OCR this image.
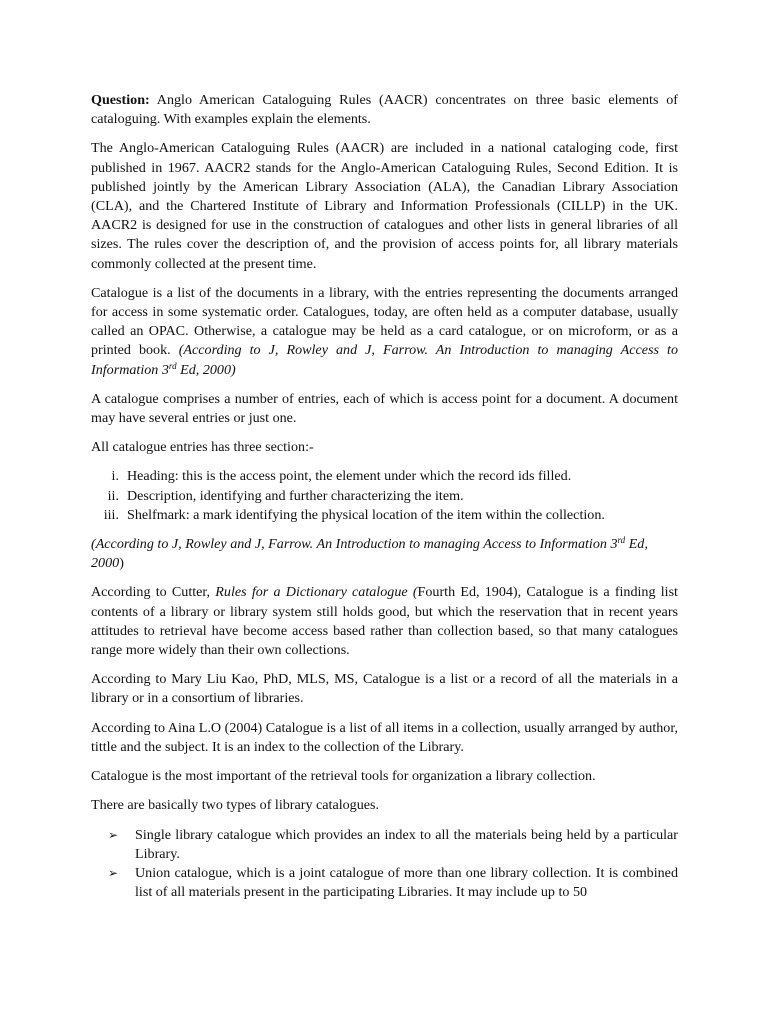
Question: Anglo American Cataloguing Rules (AACR) concentrates on three basic elements of cataloguing. With examples explain the elements.

The Anglo-American Cataloguing Rules (AACR) are included in a national cataloging code, first published in 1967. AACR2 stands for the Anglo-American Cataloguing Rules, Second Edition. It is published jointly by the American Library Association (ALA), the Canadian Library Association (CLA), and the Chartered Institute of Library and Information Professionals (CILLP) in the UK. AACR2 is designed for use in the construction of catalogues and other lists in general libraries of all sizes. The rules cover the description of, and the provision of access points for, all library materials commonly collected at the present time.

Catalogue is a list of the documents in a library, with the entries representing the documents arranged for access in some systematic order. Catalogues, today, are often held as a computer database, usually called an OPAC. Otherwise, a catalogue may be held as a card catalogue, or on microform, or as a printed book. (According to J, Rowley and J, Farrow. An Introduction to managing Access to Information 3rd Ed, 2000)

A catalogue comprises a number of entries, each of which is access point for a document. A document may have several entries or just one.

All catalogue entries has three section:-

i. Heading: this is the access point, the element under which the record ids filled.
ii. Description, identifying and further characterizing the item.
iii. Shelfmark: a mark identifying the physical location of the item within the collection.

(According to J, Rowley and J, Farrow. An Introduction to managing Access to Information 3rd Ed, 2000)

According to Cutter, Rules for a Dictionary catalogue (Fourth Ed, 1904), Catalogue is a finding list contents of a library or library system still holds good, but which the reservation that in recent years attitudes to retrieval have become access based rather than collection based, so that many catalogues range more widely than their own collections.

According to Mary Liu Kao, PhD, MLS, MS, Catalogue is a list or a record of all the materials in a library or in a consortium of libraries.

According to Aina L.O (2004) Catalogue is a list of all items in a collection, usually arranged by author, tittle and the subject. It is an index to the collection of the Library.

Catalogue is the most important of the retrieval tools for organization a library collection.

There are basically two types of library catalogues.

➢	Single library catalogue which provides an index to all the materials being held by a particular Library.
➢	Union catalogue, which is a joint catalogue of more than one library collection. It is combined list of all materials present in the participating Libraries. It may include up to 50
